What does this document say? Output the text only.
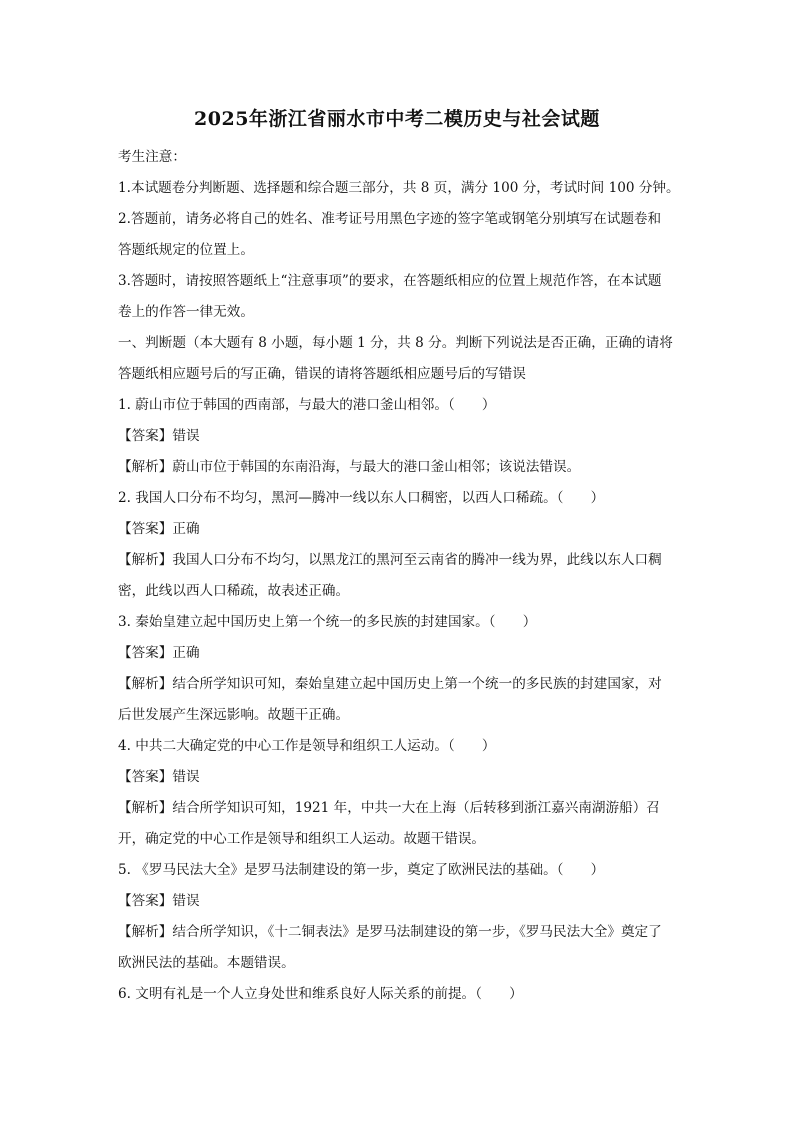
2025年浙江省丽水市中考二模历史与社会试题
考生注意：
1.本试题卷分判断题、选择题和综合题三部分，共 8 页，满分 100 分，考试时间 100 分钟。
2.答题前，请务必将自己的姓名、准考证号用黑色字迹的签字笔或钢笔分别填写在试题卷和
答题纸规定的位置上。
3.答题时，请按照答题纸上“注意事项”的要求，在答题纸相应的位置上规范作答，在本试题
卷上的作答一律无效。
一、判断题（本大题有 8 小题，每小题 1 分，共 8 分。判断下列说法是否正确，正确的请将
答题纸相应题号后的写正确，错误的请将答题纸相应题号后的写错误
1. 蔚山市位于韩国的西南部，与最大的港口釜山相邻。（　　）
【答案】错误
【解析】蔚山市位于韩国的东南沿海，与最大的港口釜山相邻；该说法错误。
2. 我国人口分布不均匀，黑河—腾冲一线以东人口稠密，以西人口稀疏。（　　）
【答案】正确
【解析】我国人口分布不均匀，以黑龙江的黑河至云南省的腾冲一线为界，此线以东人口稠
密，此线以西人口稀疏，故表述正确。
3. 秦始皇建立起中国历史上第一个统一的多民族的封建国家。（　　）
【答案】正确
【解析】结合所学知识可知，秦始皇建立起中国历史上第一个统一的多民族的封建国家，对
后世发展产生深远影响。故题干正确。
4. 中共二大确定党的中心工作是领导和组织工人运动。（　　）
【答案】错误
【解析】结合所学知识可知，1921 年，中共一大在上海（后转移到浙江嘉兴南湖游船）召
开，确定党的中心工作是领导和组织工人运动。故题干错误。
5. 《罗马民法大全》是罗马法制建设的第一步，奠定了欧洲民法的基础。（　　）
【答案】错误
【解析】结合所学知识，《十二铜表法》是罗马法制建设的第一步，《罗马民法大全》奠定了
欧洲民法的基础。本题错误。
6. 文明有礼是一个人立身处世和维系良好人际关系的前提。（　　）
